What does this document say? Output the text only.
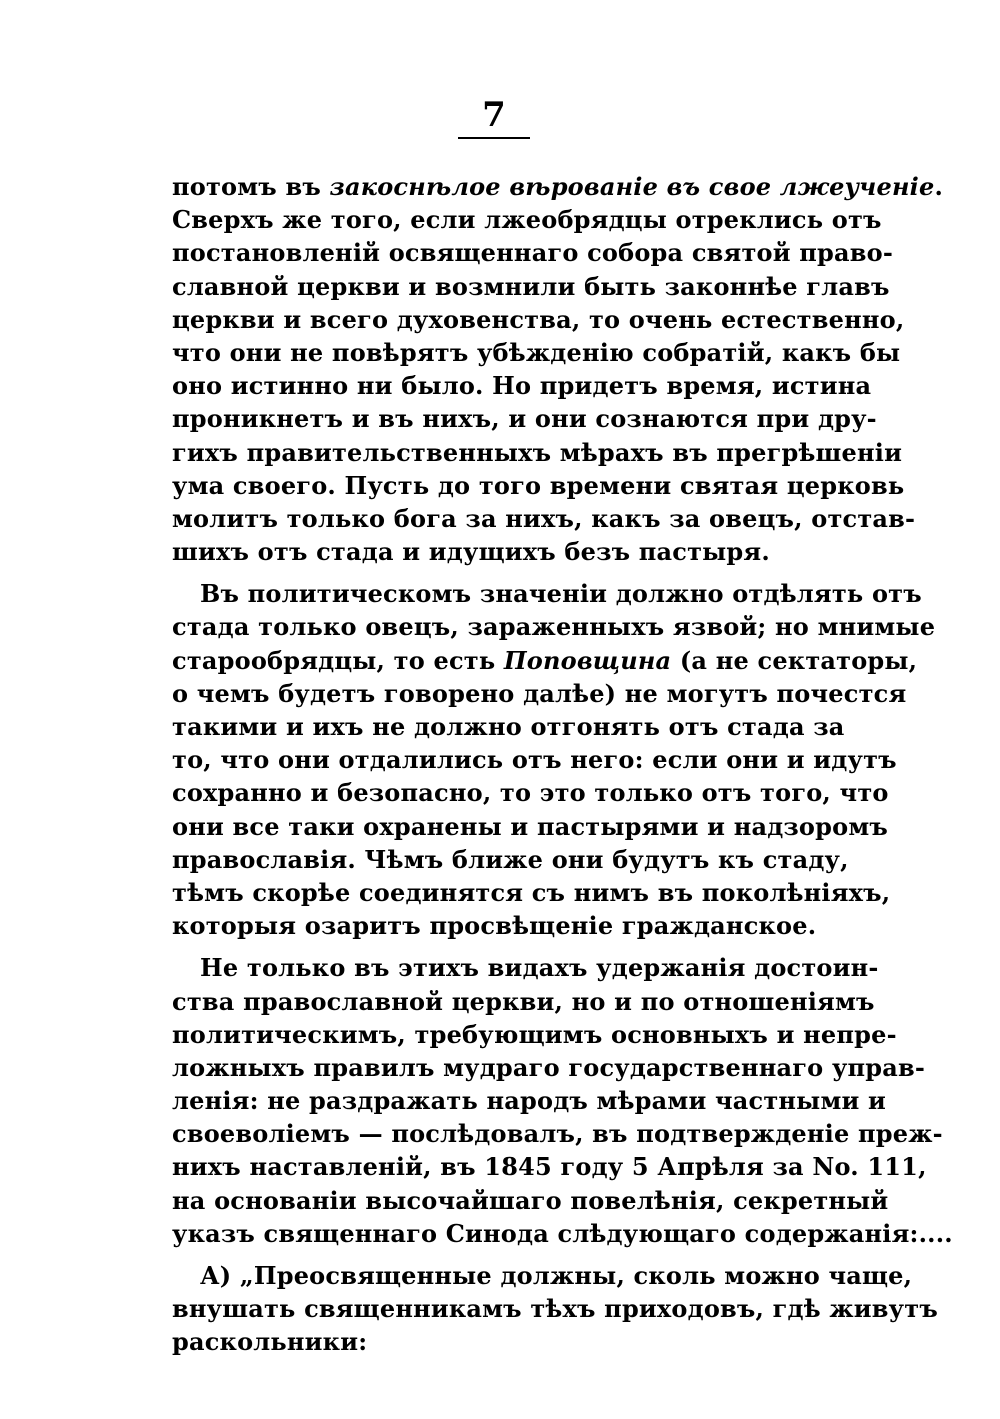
7
потомъ въ закоснѣлое вѣрованіе въ свое лжеученіе.
Сверхъ же того, если лжеобрядцы отреклись отъ
постановленій освященнаго собора святой право-
славной церкви и возмнили быть законнѣе главъ
церкви и всего духовенства, то очень естественно,
что они не повѣрятъ убѣжденію собратій, какъ бы
оно истинно ни было. Но придетъ время, истина
проникнетъ и въ нихъ, и они сознаются при дру-
гихъ правительственныхъ мѣрахъ въ прегрѣшеніи
ума своего. Пусть до того времени святая церковь
молитъ только бога за нихъ, какъ за овецъ, отстав-
шихъ отъ стада и идущихъ безъ пастыря.
Въ политическомъ значеніи должно отдѣлять отъ
стада только овецъ, зараженныхъ язвой; но мнимые
старообрядцы, то есть Поповщина (а не сектаторы,
о чемъ будетъ говорено далѣе) не могутъ почестся
такими и ихъ не должно отгонять отъ стада за
то, что они отдалились отъ него: если они и идутъ
сохранно и безопасно, то это только отъ того, что
они все таки охранены и пастырями и надзоромъ
православія. Чѣмъ ближе они будутъ къ стаду,
тѣмъ скорѣе соединятся съ нимъ въ поколѣніяхъ,
которыя озаритъ просвѣщеніе гражданское.
Не только въ этихъ видахъ удержанія достоин-
ства православной церкви, но и по отношеніямъ
политическимъ, требующимъ основныхъ и непре-
ложныхъ правилъ мудраго государственнаго управ-
ленія: не раздражать народъ мѣрами частными и
своеволіемъ — послѣдовалъ, въ подтвержденіе преж-
нихъ наставленій, въ 1845 году 5 Апрѣля за No. 111,
на основаніи высочайшаго повелѣнія, секретный
указъ священнаго Синода слѣдующаго содержанія:....
А) „Преосвященные должны, сколь можно чаще,
внушать священникамъ тѣхъ приходовъ, гдѣ живутъ
раскольники:
